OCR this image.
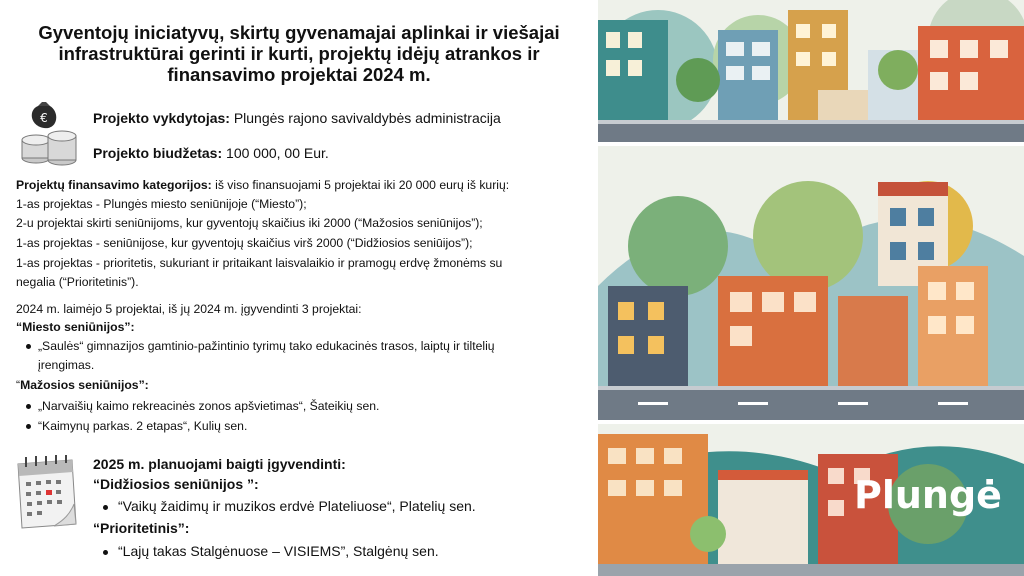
Gyventojų iniciatyvų, skirtų gyvenamajai aplinkai ir viešajai infrastruktūrai gerinti ir kurti, projektų idėjų atrankos ir finansavimo projektai 2024 m.
€	Projekto vykdytojas: Plungės rajono savivaldybės administracija
Projekto biudžetas: 100 000, 00 Eur.
Projektų finansavimo kategorijos: iš viso finansuojami 5 projektai iki 20 000 eurų iš kurių:
1-as projektas - Plungės miesto seniūnijoje (“Miesto”);
2-u projektai skirti seniūnijoms, kur gyventojų skaičius iki 2000 (“Mažosios seniūnijos”);
1-as projektas - seniūnijose, kur gyventojų skaičius virš 2000 (“Didžiosios seniūijos”);
1-as projektas - prioritetis, sukuriant ir pritaikant laisvalaikio ir pramogų erdvę žmonėms su
negalia (“Prioritetinis”).
2024 m. laimėjo 5 projektai, iš jų 2024 m. įgyvendinti 3 projektai:
“Miesto seniūnijos”:
„Saulės“ gimnazijos gamtinio-pažintinio tyrimų tako edukacinės trasos, laiptų ir tiltelių
įrengimas.
“Mažosios seniūnijos”:
„Narvaišių kaimo rekreacinės zonos apšvietimas“, Šateikių sen.
“Kaimynų parkas. 2 etapas“, Kulių sen.
2025 m. planuojami baigti įgyvendinti:
“Didžiosios seniūnijos ”:
“Vaikų žaidimų ir muzikos erdvė Plateliuose“, Platelių sen.
“Prioritetinis”:
“Lajų takas Stalgėnuose – VISIEMS”, Stalgėnų sen.
Plungė
